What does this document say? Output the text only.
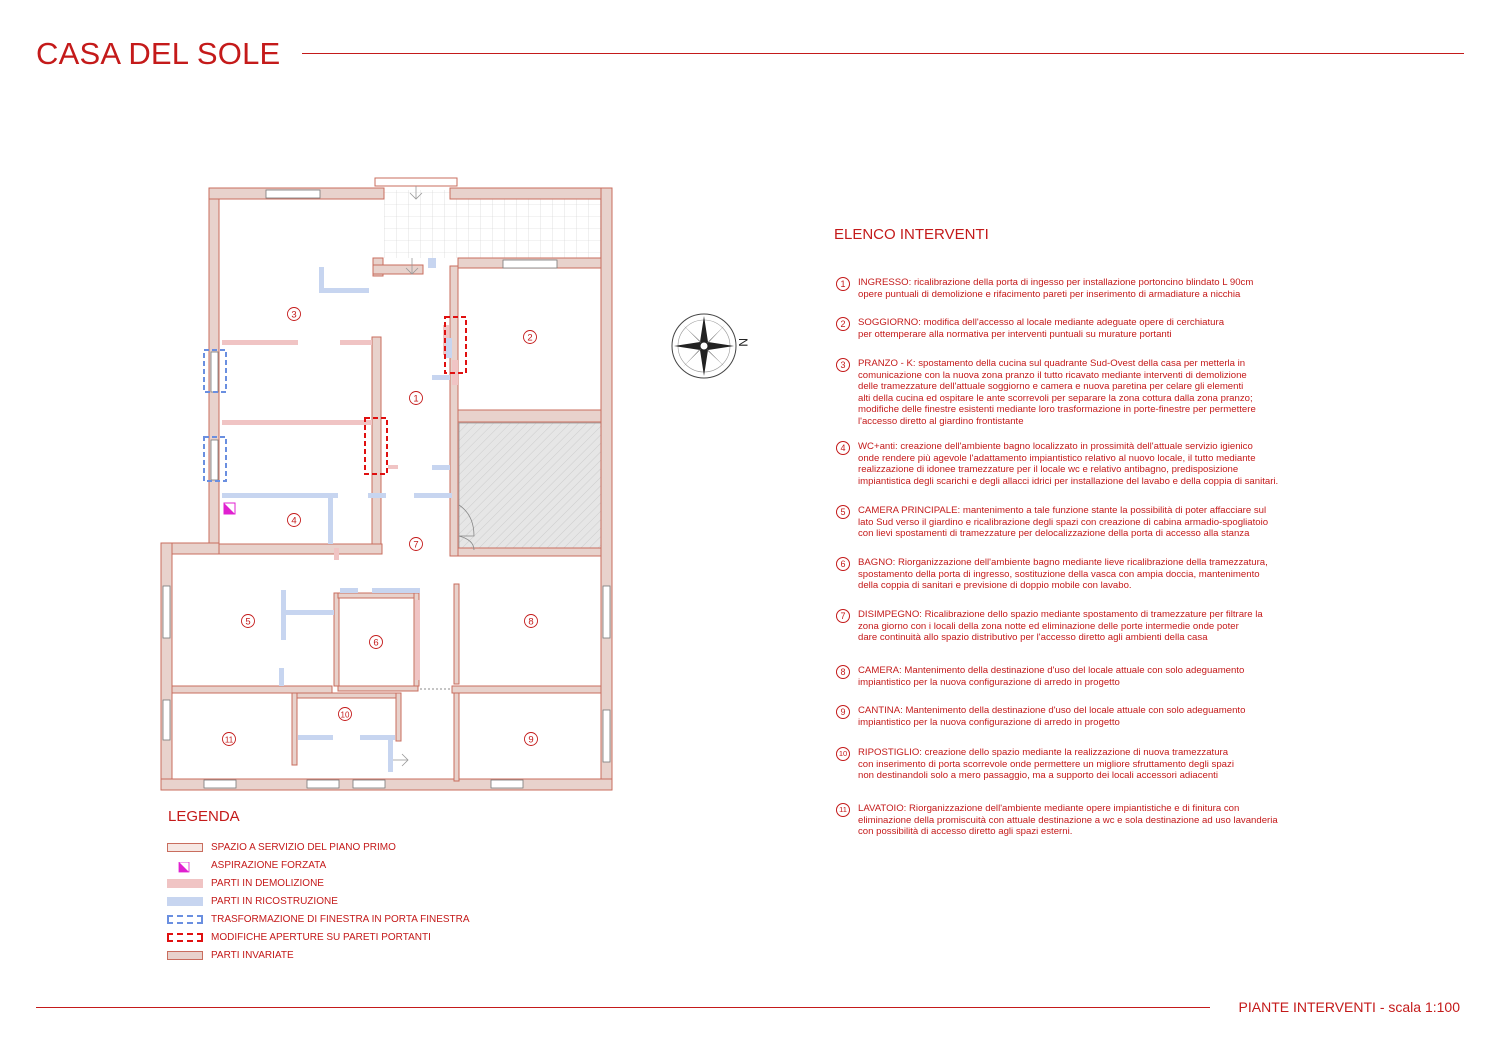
CASA DEL SOLE
1
2
3
4
5
6
7
8
9
10
11
N
LEGENDA
SPAZIO A SERVIZIO DEL PIANO PRIMO
ASPIRAZIONE FORZATA
PARTI IN DEMOLIZIONE
PARTI IN RICOSTRUZIONE
TRASFORMAZIONE DI FINESTRA IN PORTA FINESTRA
MODIFICHE APERTURE SU PARETI PORTANTI
PARTI INVARIATE
ELENCO INTERVENTI
1	INGRESSO: ricalibrazione della porta di ingesso per installazione portoncino blindato L 90cm
opere puntuali di demolizione e rifacimento pareti per inserimento di armadiature a nicchia
2	SOGGIORNO: modifica dell'accesso al locale mediante adeguate opere di cerchiatura
per ottemperare alla normativa per interventi puntuali su murature portanti
3	PRANZO - K: spostamento della cucina sul quadrante Sud-Ovest della casa per metterla in
comunicazione con la nuova zona pranzo il tutto ricavato mediante interventi di demolizione
delle tramezzature dell'attuale soggiorno e camera e nuova paretina per celare gli elementi
alti della cucina ed ospitare le ante scorrevoli per separare la zona cottura dalla zona pranzo;
modifiche delle finestre esistenti mediante loro trasformazione in porte-finestre per permettere
l'accesso diretto al giardino frontistante
4	WC+anti: creazione dell'ambiente bagno localizzato in prossimità dell'attuale servizio igienico
onde rendere più agevole l'adattamento impiantistico relativo al nuovo locale, il tutto mediante
realizzazione di idonee tramezzature per il locale wc e relativo antibagno, predisposizione
impiantistica degli scarichi e degli allacci idrici per installazione del lavabo e della coppia di sanitari.
5	CAMERA PRINCIPALE: mantenimento a tale funzione stante la possibilità di poter affacciare sul
lato Sud verso il giardino e ricalibrazione degli spazi con creazione di cabina armadio-spogliatoio
con lievi spostamenti di tramezzature per delocalizzazione della porta di accesso alla stanza
6	BAGNO: Riorganizzazione dell'ambiente bagno mediante lieve ricalibrazione della tramezzatura,
spostamento della porta di ingresso, sostituzione della vasca con ampia doccia, mantenimento
della coppia di sanitari e previsione di doppio mobile con lavabo.
7	DISIMPEGNO: Ricalibrazione dello spazio mediante spostamento di tramezzature per filtrare la
zona giorno con i locali della zona notte ed eliminazione delle porte intermedie onde poter
dare continuità allo spazio distributivo per l'accesso diretto agli ambienti della casa
8	CAMERA: Mantenimento della destinazione d'uso del locale attuale con solo adeguamento
impiantistico per la nuova configurazione di arredo in progetto
9	CANTINA: Mantenimento della destinazione d'uso del locale attuale con solo adeguamento
impiantistico per la nuova configurazione di arredo in progetto
10 RIPOSTIGLIO: creazione dello spazio mediante la realizzazione di nuova tramezzatura
con inserimento di porta scorrevole onde permettere un migliore sfruttamento degli spazi
non destinandoli solo a mero passaggio, ma a supporto dei locali accessori adiacenti
11	LAVATOIO: Riorganizzazione dell'ambiente mediante opere impiantistiche e di finitura con
eliminazione della promiscuità con attuale destinazione a wc e sola destinazione ad uso lavanderia
con possibilità di accesso diretto agli spazi esterni.
PIANTE INTERVENTI - scala 1:100
